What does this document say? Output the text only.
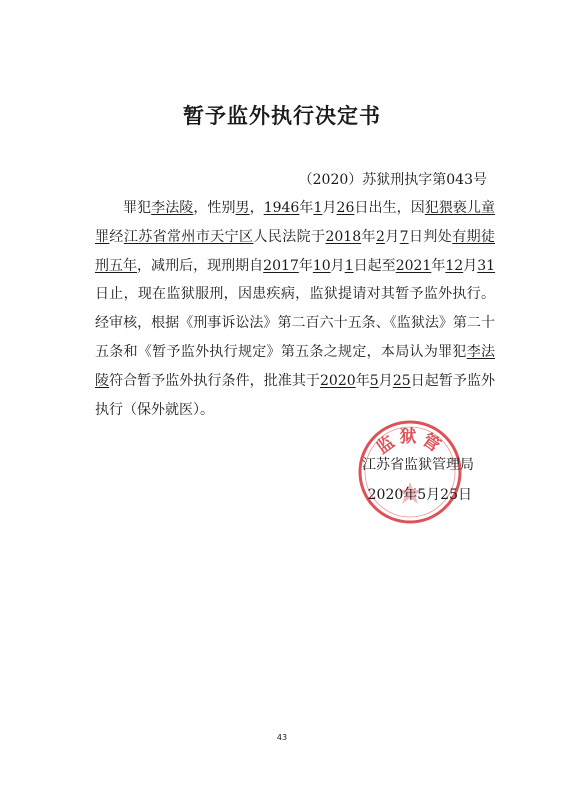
暂予监外执行决定书
（2020）苏狱刑执字第043号
罪犯李法陵，性别男，1946年1月26日出生，因犯猥亵儿童罪经江苏省常州市天宁区人民法院于2018年2月7日判处有期徒刑五年，减刑后，现刑期自2017年10月1日起至2021年12月31日止，现在监狱服刑，因患疾病，监狱提请对其暂予监外执行。经审核，根据《刑事诉讼法》第二百六十五条、《监狱法》第二十五条和《暂予监外执行规定》第五条之规定，本局认为罪犯李法陵符合暂予监外执行条件，批准其于2020年5月25日起暂予监外执行（保外就医）。
监狱管
江苏省监狱管理局
2020年5月25日
43
